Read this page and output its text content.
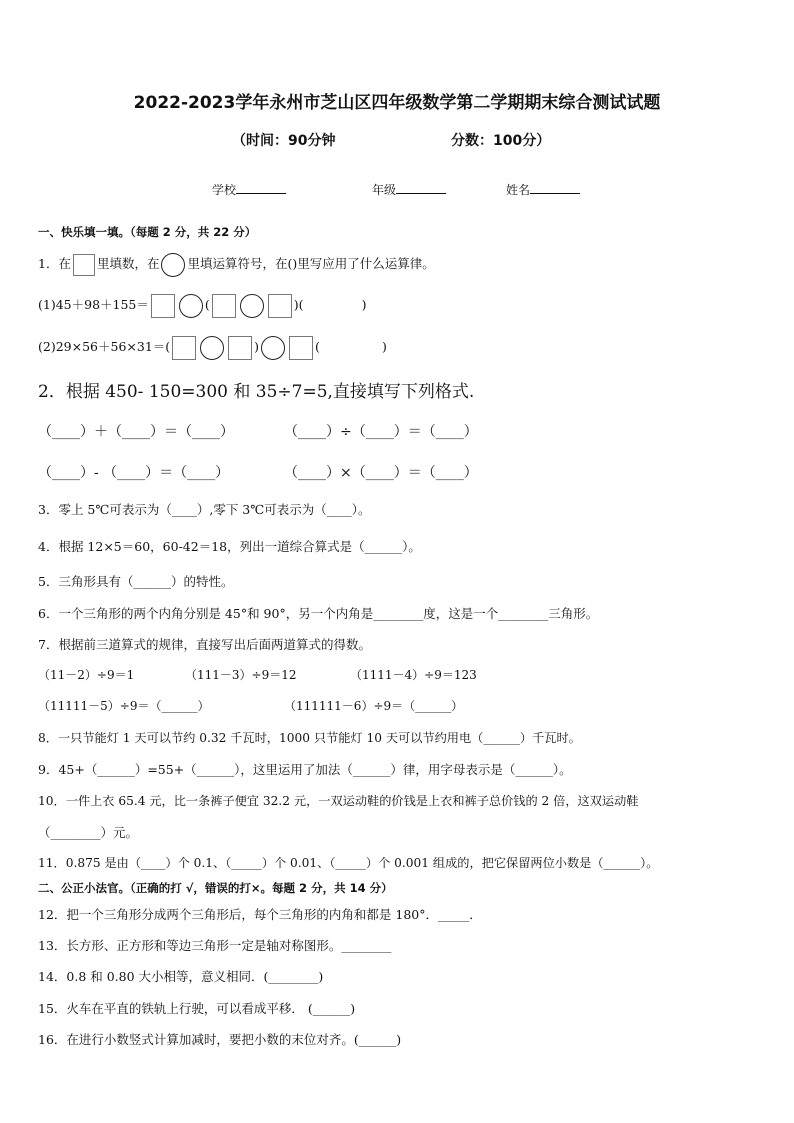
2022-2023学年永州市芝山区四年级数学第二学期期末综合测试试题
（时间：90分钟	分数：100分）
学校	年级	姓名
一、快乐填一填。（每题 2 分，共 22 分）
1．在 里填数，在 里填运算符号，在()里写应用了什么运算律。
(1)45＋98＋155＝	(	)(	)
(2)29×56＋56×31＝(	)	(	)
2．根据 450- 150=300 和 35÷7=5,直接填写下列格式.
（____）＋（____）＝（____）	（____）÷（____）＝（____）
（____）- （____）＝（____）	（____）×（____）＝（____）
3．零上 5℃可表示为（____）,零下 3℃可表示为（____）。
4．根据 12×5＝60，60-42＝18，列出一道综合算式是（______）。
5．三角形具有（______）的特性。
6．一个三角形的两个内角分别是 45°和 90°，另一个内角是________度，这是一个________三角形。
7．根据前三道算式的规律，直接写出后面两道算式的得数。
（11－2）÷9＝1	（111－3）÷9＝12	（1111－4）÷9＝123
（11111－5）÷9＝（______）	（111111－6）÷9＝（______）
8．一只节能灯 1 天可以节约 0.32 千瓦时，1000 只节能灯 10 天可以节约用电（______）千瓦时。
9．45+（______）=55+（______），这里运用了加法（______）律，用字母表示是（______）。
10．一件上衣 65.4 元，比一条裤子便宜 32.2 元，一双运动鞋的价钱是上衣和裤子总价钱的 2 倍，这双运动鞋
（________）元。
11．0.875 是由（____）个 0.1、（_____）个 0.01、（_____）个 0.001 组成的，把它保留两位小数是（______）。
二、公正小法官。（正确的打 √，错误的打×。每题 2 分，共 14 分）
12．把一个三角形分成两个三角形后，每个三角形的内角和都是 180°．_____．
13．长方形、正方形和等边三角形一定是轴对称图形。________
14．0.8 和 0.80 大小相等，意义相同．(________)
15．火车在平直的铁轨上行驶，可以看成平移． (______)
16．在进行小数竖式计算加减时，要把小数的末位对齐。(______)
